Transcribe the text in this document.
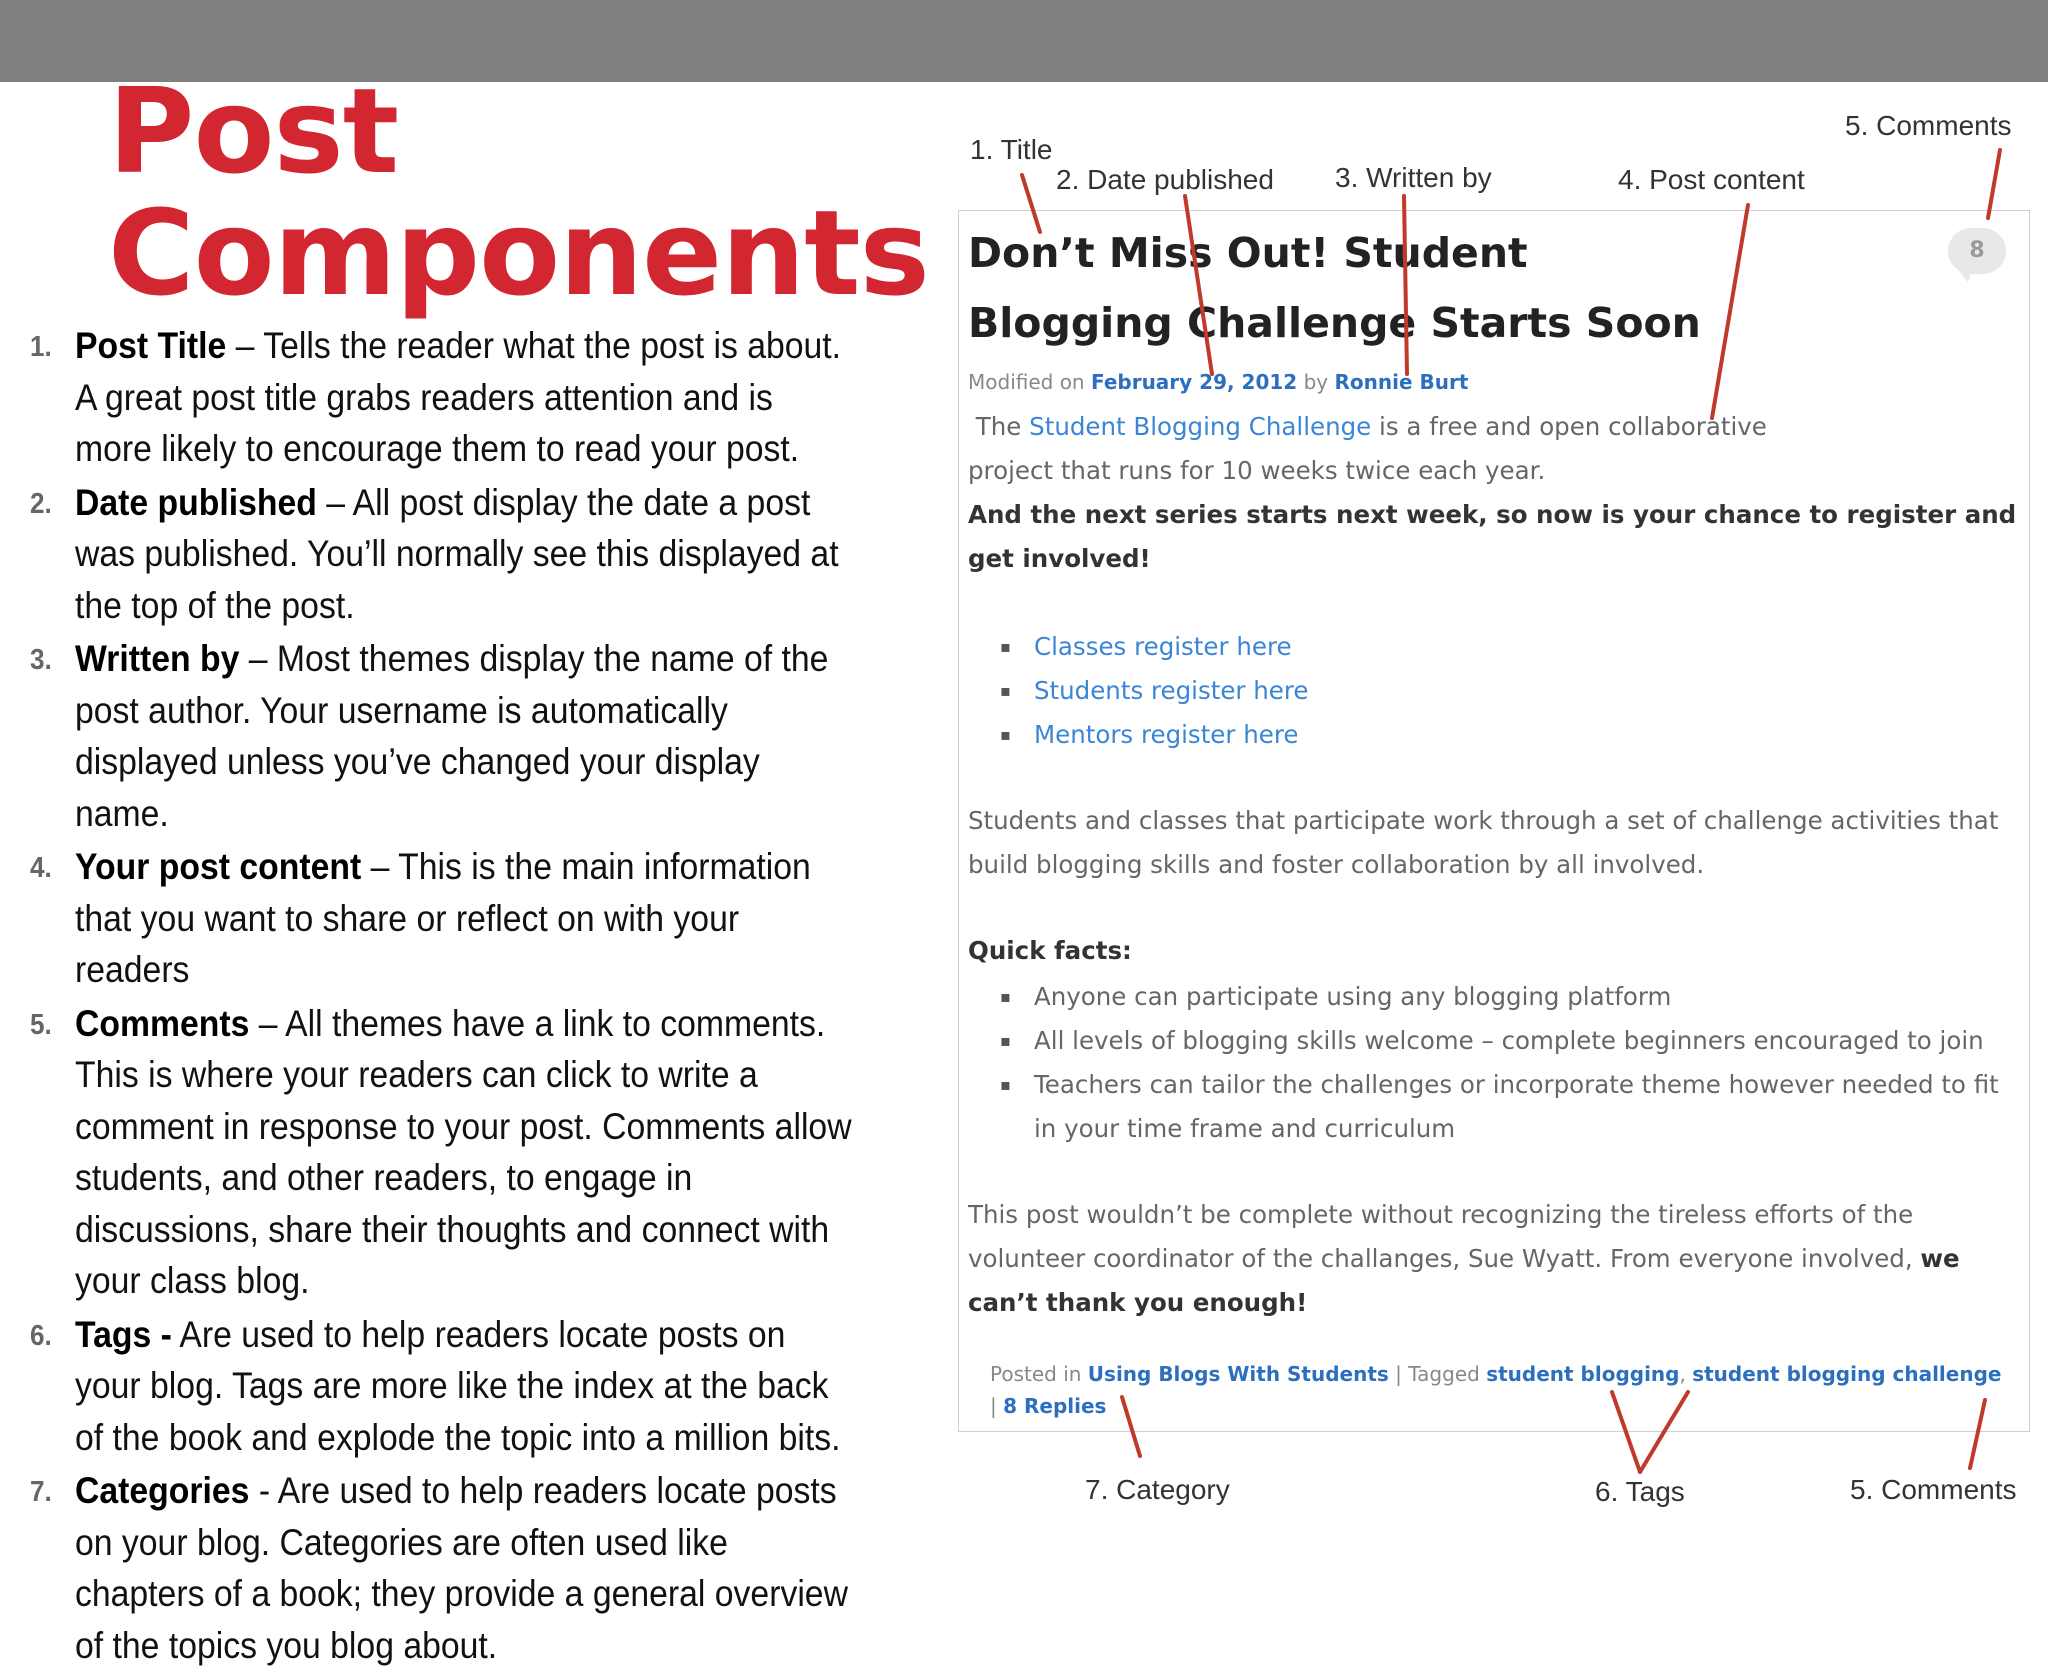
Post
Components
1. Post Title – Tells the reader what the post is about. A great post title grabs readers attention and is more likely to encourage them to read your post.
2. Date published – All post display the date a post was published. You’ll normally see this displayed at the top of the post.
3. Written by – Most themes display the name of the post author. Your username is automatically displayed unless you’ve changed your display name.
4. Your post content – This is the main information that you want to share or reflect on with your readers
5. Comments – All themes have a link to comments. This is where your readers can click to write a comment in response to your post. Comments allow students, and other readers, to engage in discussions, share their thoughts and connect with your class blog.
6. Tags - Are used to help readers locate posts on your blog. Tags are more like the index at the back of the book and explode the topic into a million bits.
7. Categories - Are used to help readers locate posts on your blog. Categories are often used like chapters of a book; they provide a general overview of the topics you blog about.
Don’t Miss Out! Student Blogging Challenge Starts Soon
8
Modified on February 29, 2012 by Ronnie Burt

The Student Blogging Challenge is a free and open collaborative
project that runs for 10 weeks twice each year.

And the next series starts next week, so now is your chance to register and get involved!

▪ Classes register here
▪ Students register here
▪ Mentors register here

Students and classes that participate work through a set of challenge activities that build blogging skills and foster collaboration by all involved.

Quick facts:

▪ Anyone can participate using any blogging platform
▪ All levels of blogging skills welcome – complete beginners encouraged to join
▪ Teachers can tailor the challenges or incorporate theme however needed to fit in your time frame and curriculum

This post wouldn’t be complete without recognizing the tireless efforts of the volunteer coordinator of the challanges, Sue Wyatt. From everyone involved, we can’t thank you enough!

Posted in Using Blogs With Students | Tagged student blogging, student blogging challenge | 8 Replies
1. Title
2. Date published 3. Written by	4. Post content
5. Comments
7. Category	6. Tags	5. Comments
